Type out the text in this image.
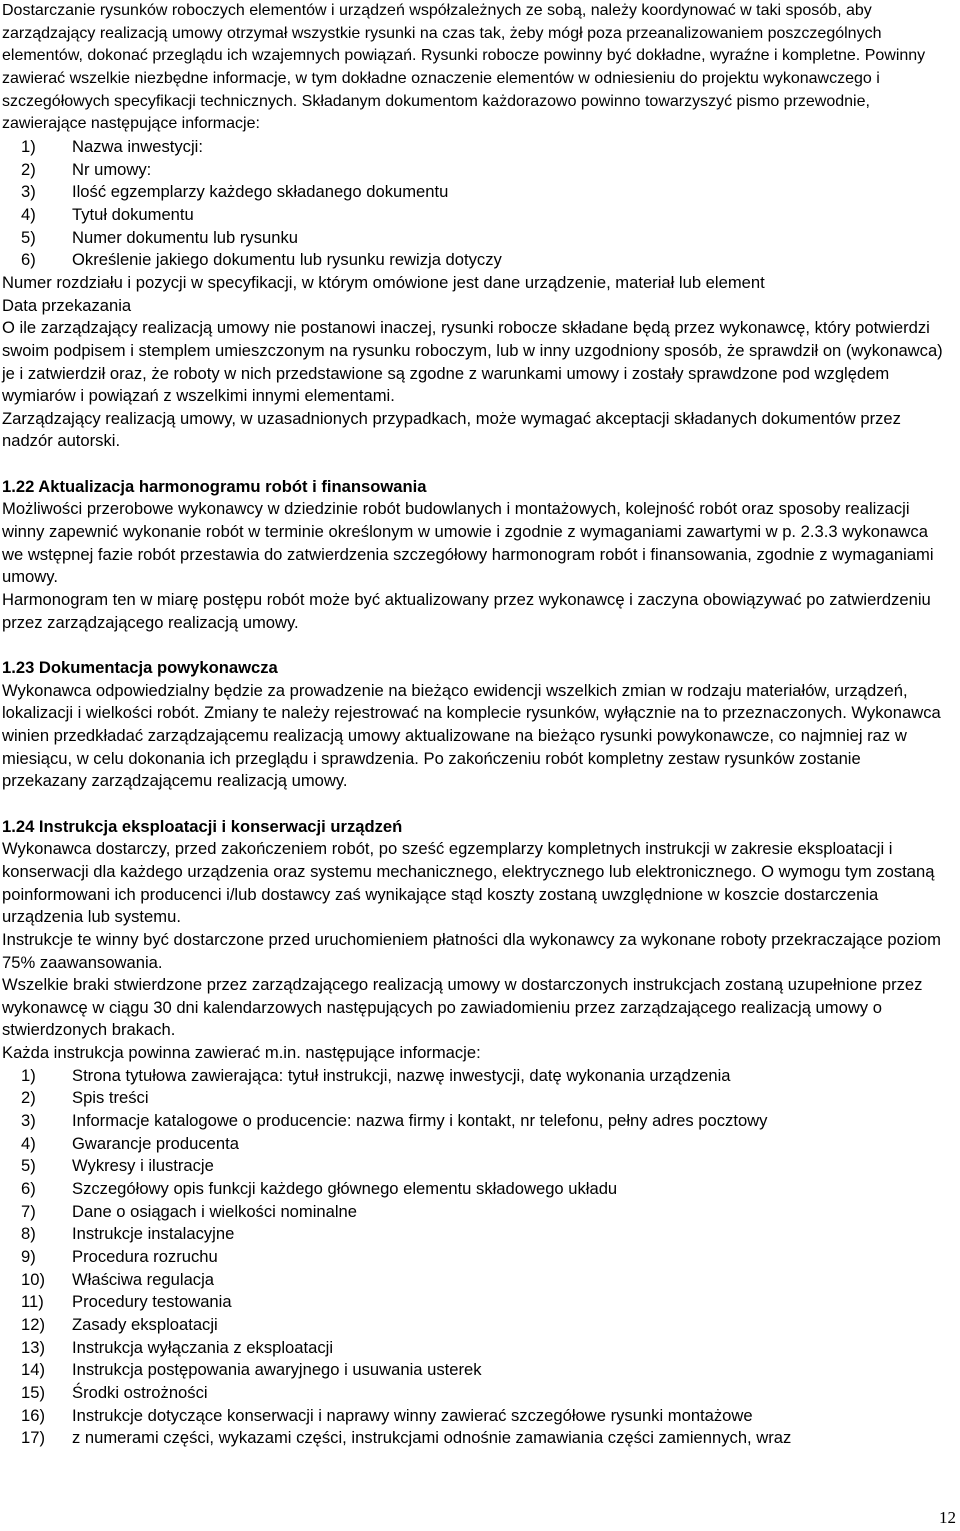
Dostarczanie rysunków roboczych elementów i urządzeń współzależnych ze sobą, należy koordynować w taki sposób, aby zarządzający realizacją umowy otrzymał wszystkie rysunki na czas tak, żeby mógł poza przeanalizowaniem poszczególnych elementów, dokonać przeglądu ich wzajemnych powiązań. Rysunki robocze powinny być dokładne, wyraźne i kompletne. Powinny zawierać wszelkie niezbędne informacje, w tym dokładne oznaczenie elementów w odniesieniu do projektu wykonawczego i szczegółowych specyfikacji technicznych. Składanym dokumentom każdorazowo powinno towarzyszyć pismo przewodnie, zawierające następujące informacje:

1) Nazwa inwestycji:
2) Nr umowy:
3) Ilość egzemplarzy każdego składanego dokumentu
4) Tytuł dokumentu
5) Numer dokumentu lub rysunku
6) Określenie jakiego dokumentu lub rysunku rewizja dotyczy

Numer rozdziału i pozycji w specyfikacji, w którym omówione jest dane urządzenie, materiał lub element

Data przekazania

O ile zarządzający realizacją umowy nie postanowi inaczej, rysunki robocze składane będą przez wykonawcę, który potwierdzi swoim podpisem i stemplem umieszczonym na rysunku roboczym, lub w inny uzgodniony sposób, że sprawdził on (wykonawca) je i zatwierdził oraz, że roboty w nich przedstawione są zgodne z warunkami umowy i zostały sprawdzone pod względem wymiarów i powiązań z wszelkimi innymi elementami.

Zarządzający realizacją umowy, w uzasadnionych przypadkach, może wymagać akceptacji składanych dokumentów przez nadzór autorski.

1.22 Aktualizacja harmonogramu robót i finansowania

Możliwości przerobowe wykonawcy w dziedzinie robót budowlanych i montażowych, kolejność robót oraz sposoby realizacji winny zapewnić wykonanie robót w terminie określonym w umowie i zgodnie z wymaganiami zawartymi w p. 2.3.3 wykonawca we wstępnej fazie robót przestawia do zatwierdzenia szczegółowy harmonogram robót i finansowania, zgodnie z wymaganiami umowy.

Harmonogram ten w miarę postępu robót może być aktualizowany przez wykonawcę i zaczyna obowiązywać po zatwierdzeniu przez zarządzającego realizacją umowy.

1.23 Dokumentacja powykonawcza

Wykonawca odpowiedzialny będzie za prowadzenie na bieżąco ewidencji wszelkich zmian w rodzaju materiałów, urządzeń, lokalizacji i wielkości robót. Zmiany te należy rejestrować na komplecie rysunków, wyłącznie na to przeznaczonych. Wykonawca winien przedkładać zarządzającemu realizacją umowy aktualizowane na bieżąco rysunki powykonawcze, co najmniej raz w miesiącu, w celu dokonania ich przeglądu i sprawdzenia. Po zakończeniu robót kompletny zestaw rysunków zostanie przekazany zarządzającemu realizacją umowy.

1.24 Instrukcja eksploatacji i konserwacji urządzeń

Wykonawca dostarczy, przed zakończeniem robót, po sześć egzemplarzy kompletnych instrukcji w zakresie eksploatacji i konserwacji dla każdego urządzenia oraz systemu mechanicznego, elektrycznego lub elektronicznego. O wymogu tym zostaną poinformowani ich producenci i/lub dostawcy zaś wynikające stąd koszty zostaną uwzględnione w koszcie dostarczenia urządzenia lub systemu.

Instrukcje te winny być dostarczone przed uruchomieniem płatności dla wykonawcy za wykonane roboty przekraczające poziom 75% zaawansowania.

Wszelkie braki stwierdzone przez zarządzającego realizacją umowy w dostarczonych instrukcjach zostaną uzupełnione przez wykonawcę w ciągu 30 dni kalendarzowych następujących po zawiadomieniu przez zarządzającego realizacją umowy o stwierdzonych brakach.

Każda instrukcja powinna zawierać m.in. następujące informacje:

1) Strona tytułowa zawierająca: tytuł instrukcji, nazwę inwestycji, datę wykonania urządzenia
2) Spis treści
3) Informacje katalogowe o producencie: nazwa firmy i kontakt, nr telefonu, pełny adres pocztowy
4) Gwarancje producenta
5) Wykresy i ilustracje
6) Szczegółowy opis funkcji każdego głównego elementu składowego układu
7) Dane o osiągach i wielkości nominalne
8) Instrukcje instalacyjne
9) Procedura rozruchu
10) Właściwa regulacja
11) Procedury testowania
12) Zasady eksploatacji
13) Instrukcja wyłączania z eksploatacji
14) Instrukcja postępowania awaryjnego i usuwania usterek
15) Środki ostrożności
16) Instrukcje dotyczące konserwacji i naprawy winny zawierać szczegółowe rysunki montażowe
17) z numerami części, wykazami części, instrukcjami odnośnie zamawiania części zamiennych, wraz
12
